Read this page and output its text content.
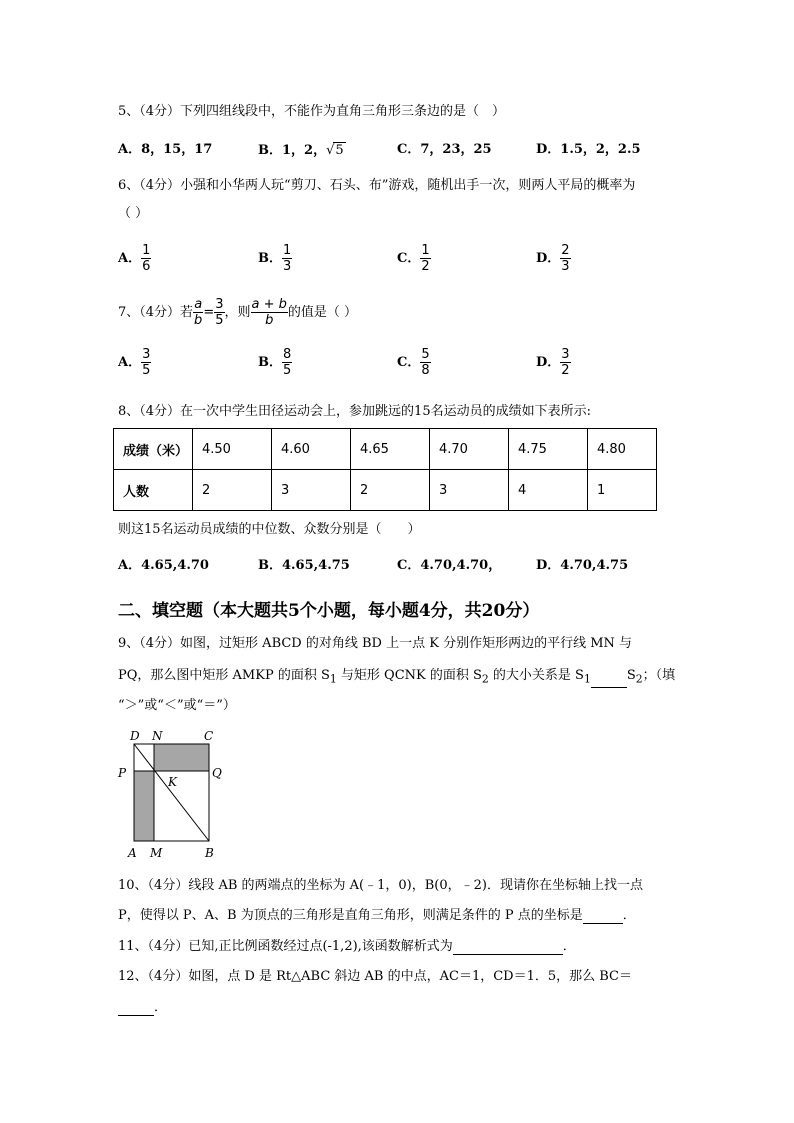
5、（4分）下列四组线段中，不能作为直角三角形三条边的是（　）
A．8，15，17	B．1，2，√5	C．7，23，25	D．1.5，2，2.5
6、（4分）小强和小华两人玩“剪刀、石头、布”游戏，随机出手一次，则两人平局的概率为
（ ）
A． $\frac{1}{6}$	B． $\frac{1}{3}$	C． $\frac{1}{2}$	D． $\frac{2}{3}$
7、（4分）若 $\frac{a}{b} = \frac{3}{5}$ ，则 $\frac{a + b}{b}$ 的值是（ ）
A． $\frac{3}{5}$	B． $\frac{8}{5}$	C． $\frac{5}{8}$	D． $\frac{3}{2}$
8、（4分）在一次中学生田径运动会上，参加跳远的15名运动员的成绩如下表所示:
成绩（米）	4.50	4.60	4.65	4.70	4.75	4.80
人数	2	3	2	3	4	1
则这15名运动员成绩的中位数、众数分别是（　　）
A．4.65,4.70	B．4.65,4.75	C．4.70,4.70，	D．4.70,4.75
二、填空题（本大题共5个小题，每小题4分，共20分）
9、（4分）如图，过矩形 ABCD 的对角线 BD 上一点 K 分别作矩形两边的平行线 MN 与
PQ，那么图中矩形 AMKP 的面积 $S_1$ 与矩形 QCNK 的面积 $S_2$ 的大小关系是 $S_1$	$S_2$；（填
“＞”或“＜”或“＝”）
D N	C
P	Q
K
A M	B
10、（4分）线段 AB 的两端点的坐标为 A(﹣1，0)，B(0，﹣2)．现请你在坐标轴上找一点
P，使得以 P、A、B 为顶点的三角形是直角三角形，则满足条件的 P 点的坐标是	．
11、（4分）已知,正比例函数经过点(-1,2),该函数解析式为	．
12、（4分）如图，点 D 是 Rt△ABC 斜边 AB 的中点，AC＝1，CD＝1．5，那么 BC＝
．
